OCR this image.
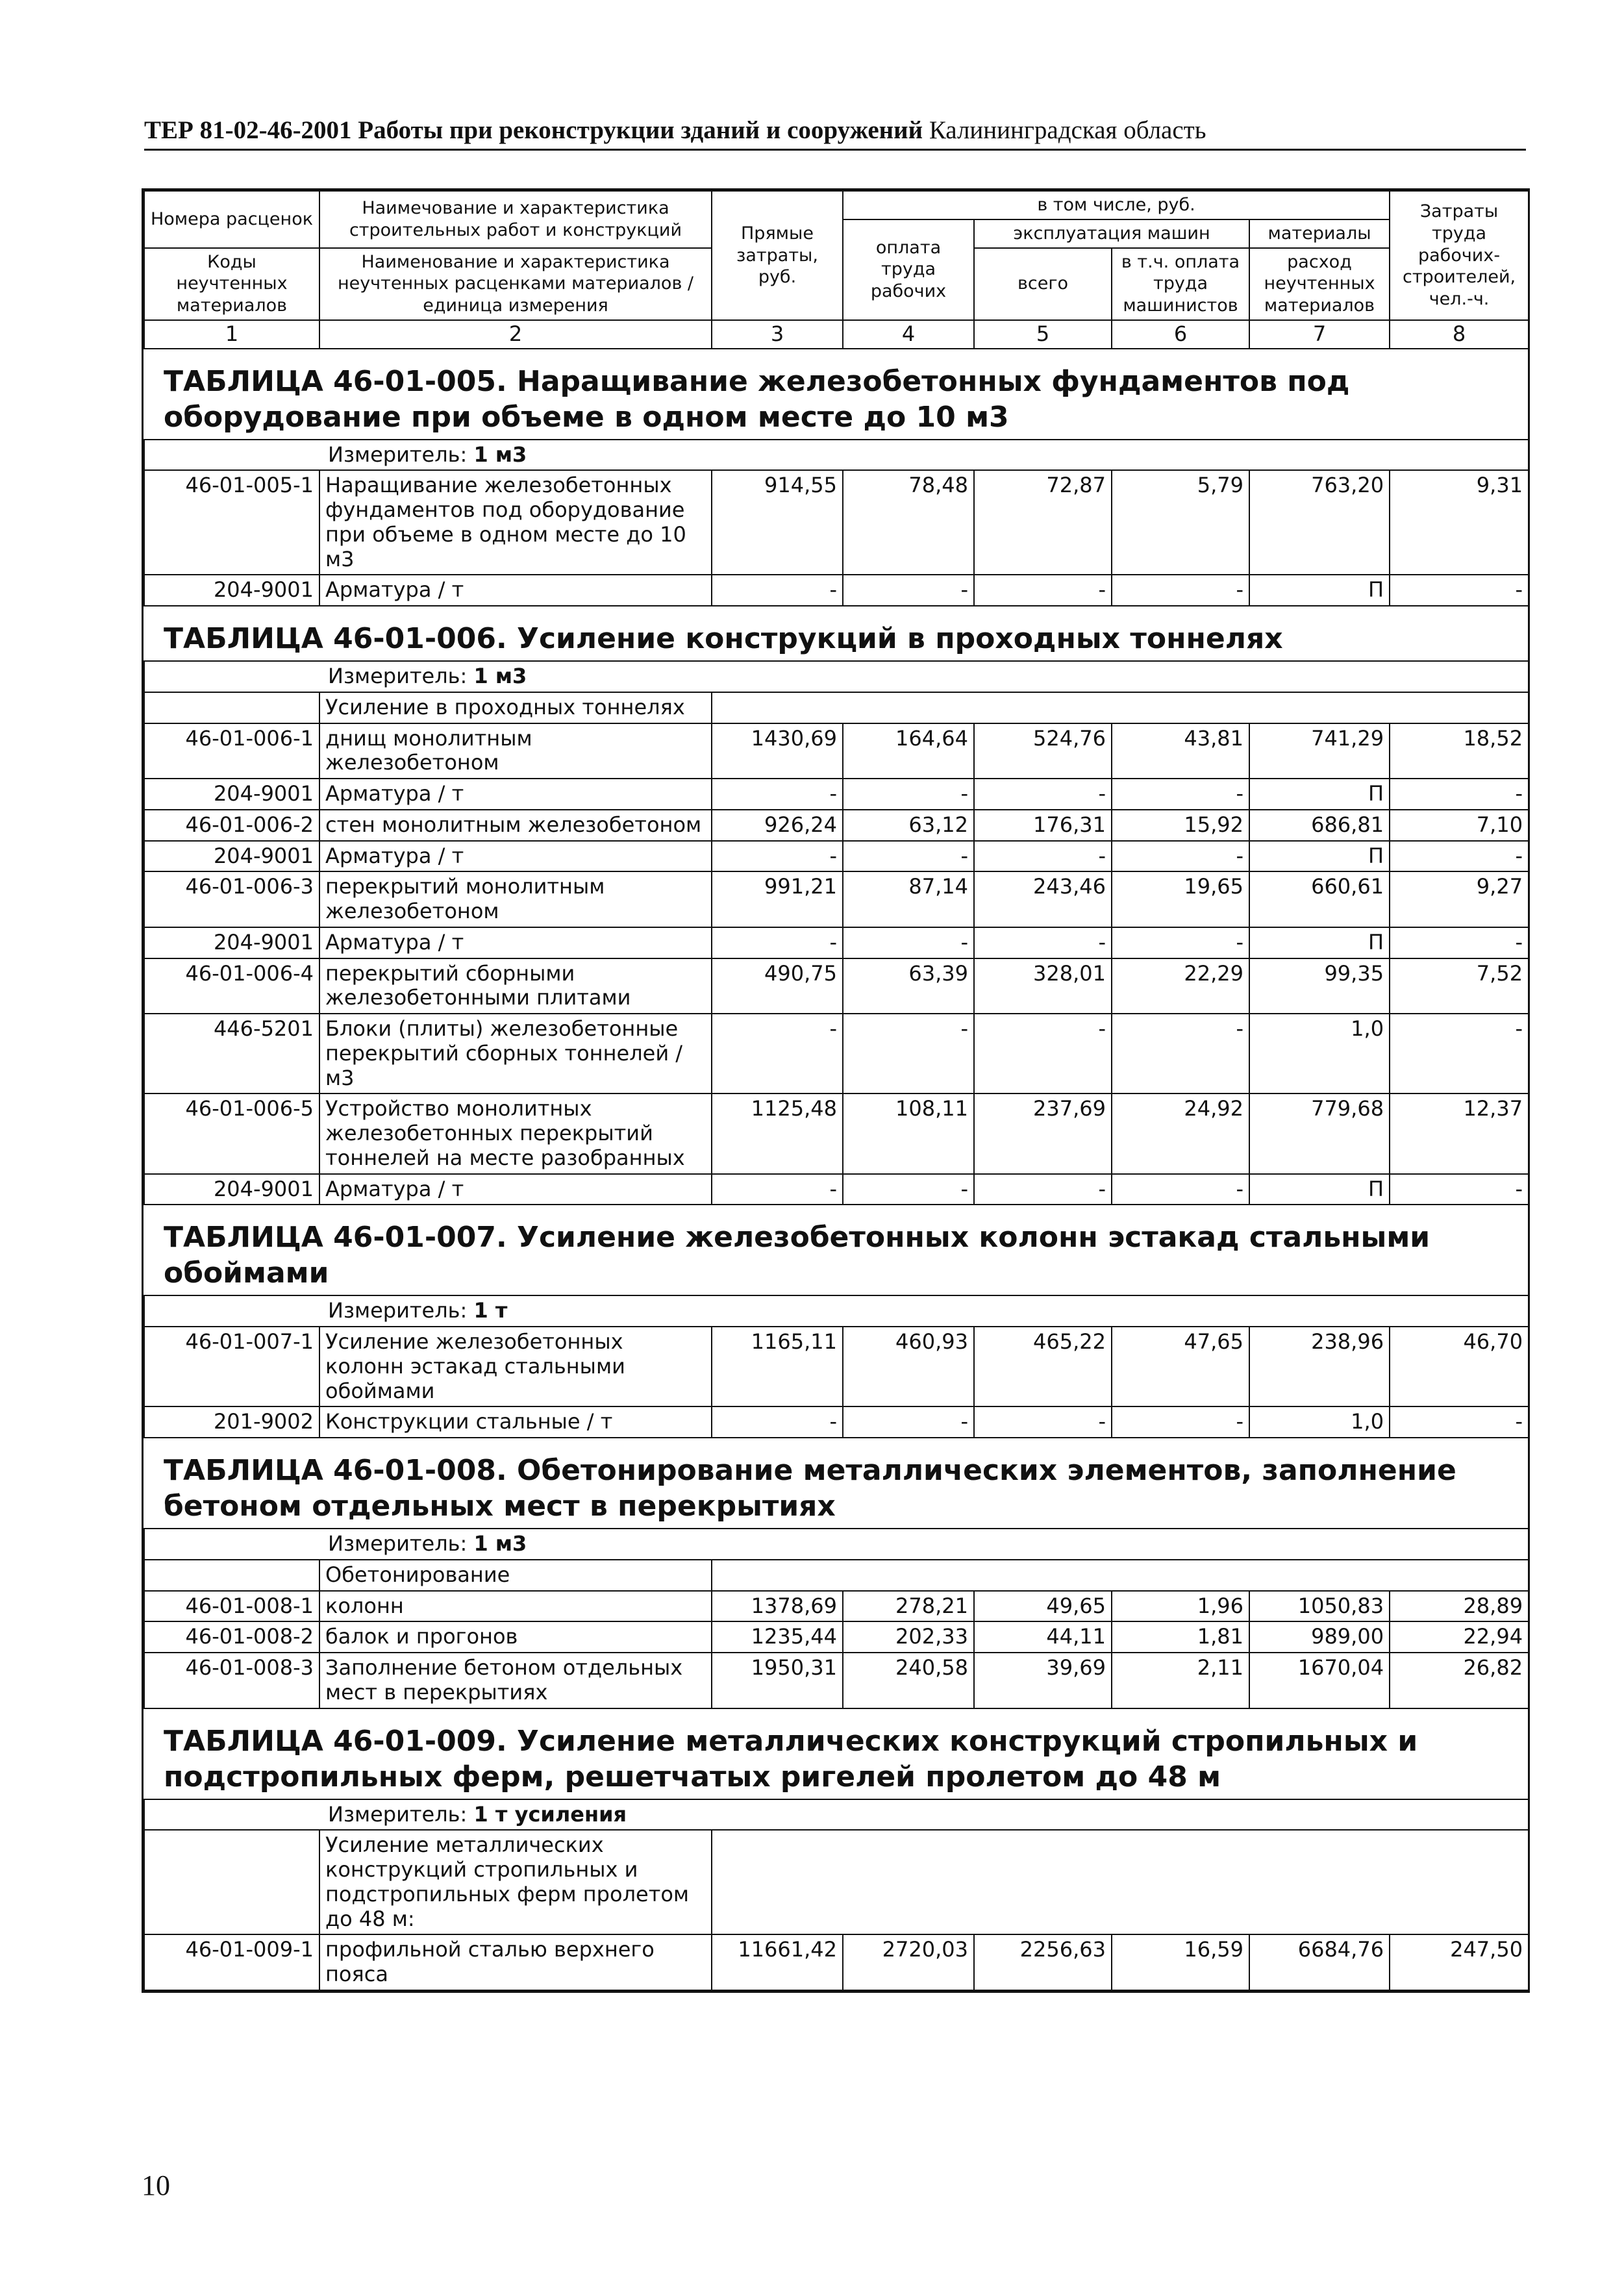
ТЕР 81-02-46-2001 Работы при реконструкции зданий и сооружений Калининградская область
Номера расценок	Наимечование и характеристика строительных работ и конструкций	Прямые затраты, руб.	в том числе, руб.				Затраты труда рабочих-строителей, чел.-ч.
			оплата труда рабочих	эксплуатация машин		материалы	
Коды неучтенных материалов	Наименование и характеристика неучтенных расценками материалов / единица измерения			всего	в т.ч. оплата труда машинистов	расход неучтенных материалов	

1	2	3	4	5	6	7	8
ТАБЛИЦА 46-01-005. Наращивание железобетонных фундаментов под оборудование при объеме в одном месте до 10 м3							
Измеритель: 1 м3							
46-01-005-1	Наращивание железобетонных фундаментов под оборудование при объеме в одном месте до 10 м3	914,55	78,48	72,87	5,79	763,20	9,31
204-9001	Арматура / т	-	-	-	-	П	-
ТАБЛИЦА 46-01-006. Усиление конструкций в проходных тоннелях							
Измеритель: 1 м3							
	Усиление в проходных тоннелях						
46-01-006-1	днищ монолитным железобетоном	1430,69	164,64	524,76	43,81	741,29	18,52
204-9001	Арматура / т	-	-	-	-	П	-
46-01-006-2	стен монолитным железобетоном	926,24	63,12	176,31	15,92	686,81	7,10
204-9001	Арматура / т	-	-	-	-	П	-
46-01-006-3	перекрытий монолитным железобетоном	991,21	87,14	243,46	19,65	660,61	9,27
204-9001	Арматура / т	-	-	-	-	П	-
46-01-006-4	перекрытий сборными железобетонными плитами	490,75	63,39	328,01	22,29	99,35	7,52
446-5201	Блоки (плиты) железобетонные перекрытий сборных тоннелей / м3	-	-	-	-	1,0	-
46-01-006-5	Устройство монолитных железобетонных перекрытий тоннелей на месте разобранных	1125,48	108,11	237,69	24,92	779,68	12,37
204-9001	Арматура / т	-	-	-	-	П	-
ТАБЛИЦА 46-01-007. Усиление железобетонных колонн эстакад стальными обоймами							
Измеритель: 1 т							
46-01-007-1	Усиление железобетонных колонн эстакад стальными обоймами	1165,11	460,93	465,22	47,65	238,96	46,70
201-9002	Конструкции стальные / т	-	-	-	-	1,0	-
ТАБЛИЦА 46-01-008. Обетонирование металлических элементов, заполнение бетоном отдельных мест в перекрытиях							
Измеритель: 1 м3							
	Обетонирование						
46-01-008-1	колонн	1378,69	278,21	49,65	1,96	1050,83	28,89
46-01-008-2	балок и прогонов	1235,44	202,33	44,11	1,81	989,00	22,94
46-01-008-3	Заполнение бетоном отдельных мест в перекрытиях	1950,31	240,58	39,69	2,11	1670,04	26,82
ТАБЛИЦА 46-01-009. Усиление металлических конструкций стропильных и подстропильных ферм, решетчатых ригелей пролетом до 48 м							
Измеритель: 1 т усиления							
	Усиление металлических конструкций стропильных и подстропильных ферм пролетом до 48 м:						
46-01-009-1	профильной сталью верхнего пояса	11661,42	2720,03	2256,63	16,59	6684,76	247,50
10
